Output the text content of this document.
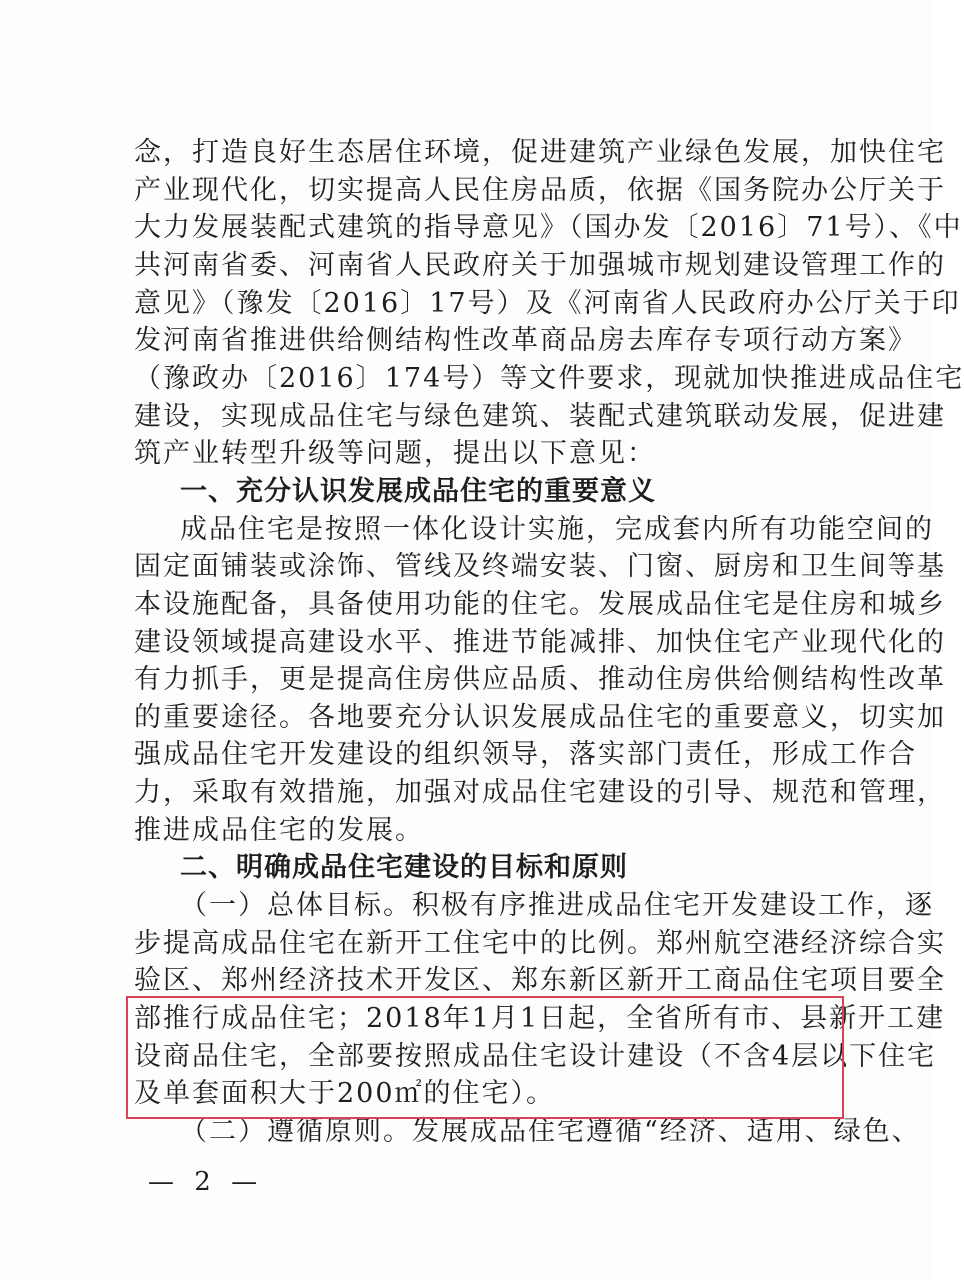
念，打造良好生态居住环境，促进建筑产业绿色发展，加快住宅
产业现代化，切实提高人民住房品质，依据《国务院办公厅关于
大力发展装配式建筑的指导意见》（国办发〔2016〕71号）、《中
共河南省委、河南省人民政府关于加强城市规划建设管理工作的
意见》（豫发〔2016〕17号）及《河南省人民政府办公厅关于印
发河南省推进供给侧结构性改革商品房去库存专项行动方案》
（豫政办〔2016〕174号）等文件要求，现就加快推进成品住宅
建设，实现成品住宅与绿色建筑、装配式建筑联动发展，促进建
筑产业转型升级等问题，提出以下意见：
一、充分认识发展成品住宅的重要意义
成品住宅是按照一体化设计实施，完成套内所有功能空间的
固定面铺装或涂饰、管线及终端安装、门窗、厨房和卫生间等基
本设施配备，具备使用功能的住宅。发展成品住宅是住房和城乡
建设领域提高建设水平、推进节能减排、加快住宅产业现代化的
有力抓手，更是提高住房供应品质、推动住房供给侧结构性改革
的重要途径。各地要充分认识发展成品住宅的重要意义，切实加
强成品住宅开发建设的组织领导，落实部门责任，形成工作合
力，采取有效措施，加强对成品住宅建设的引导、规范和管理，
推进成品住宅的发展。
二、明确成品住宅建设的目标和原则
（一）总体目标。积极有序推进成品住宅开发建设工作，逐
步提高成品住宅在新开工住宅中的比例。郑州航空港经济综合实
验区、郑州经济技术开发区、郑东新区新开工商品住宅项目要全
部推行成品住宅；2018年1月1日起，全省所有市、县新开工建
设商品住宅，全部要按照成品住宅设计建设（不含4层以下住宅
及单套面积大于200㎡的住宅）。
（二）遵循原则。发展成品住宅遵循“经济、适用、绿色、
— 2 —
